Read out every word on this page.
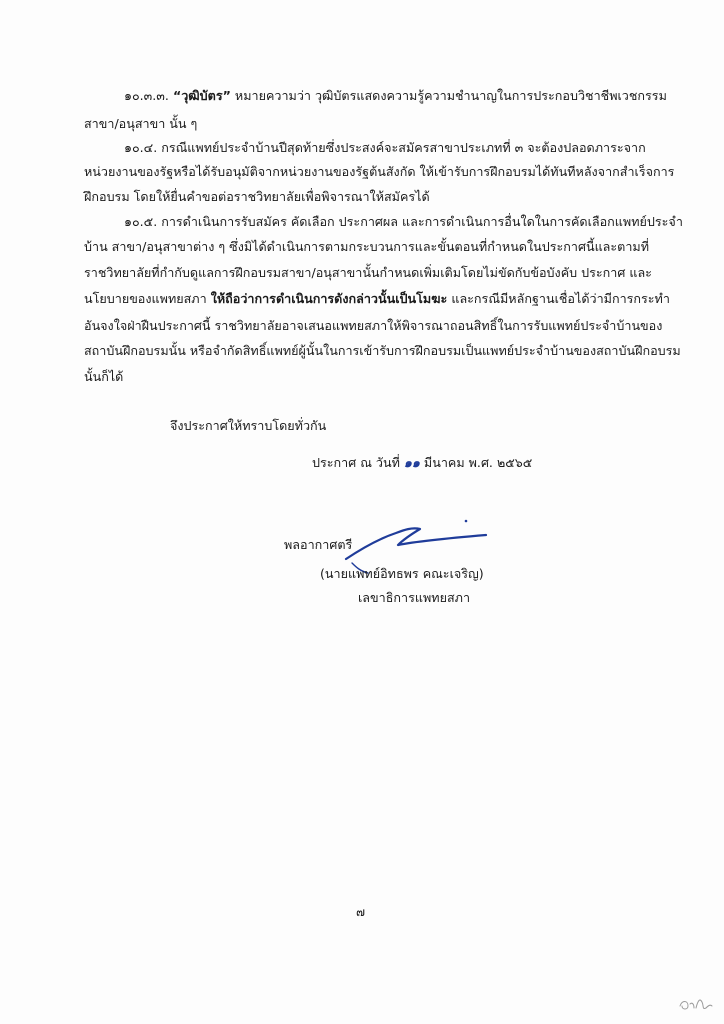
๑๐.๓.๓. “วุฒิบัตร” หมายความว่า วุฒิบัตรแสดงความรู้ความชำนาญในการประกอบวิชาชีพเวชกรรม

สาขา/อนุสาขา นั้น ๆ

๑๐.๔. กรณีแพทย์ประจำบ้านปีสุดท้ายซึ่งประสงค์จะสมัครสาขาประเภทที่ ๓ จะต้องปลอดภาระจาก

หน่วยงานของรัฐหรือได้รับอนุมัติจากหน่วยงานของรัฐต้นสังกัด ให้เข้ารับการฝึกอบรมได้ทันทีหลังจากสำเร็จการ

ฝึกอบรม โดยให้ยื่นคำขอต่อราชวิทยาลัยเพื่อพิจารณาให้สมัครได้

๑๐.๕. การดำเนินการรับสมัคร คัดเลือก ประกาศผล และการดำเนินการอื่นใดในการคัดเลือกแพทย์ประจำ

บ้าน สาขา/อนุสาขาต่าง ๆ ซึ่งมิได้ดำเนินการตามกระบวนการและขั้นตอนที่กำหนดในประกาศนี้และตามที่

ราชวิทยาลัยที่กำกับดูแลการฝึกอบรมสาขา/อนุสาขานั้นกำหนดเพิ่มเติมโดยไม่ขัดกับข้อบังคับ ประกาศ และ

นโยบายของแพทยสภา ให้ถือว่าการดำเนินการดังกล่าวนั้นเป็นโมฆะ และกรณีมีหลักฐานเชื่อได้ว่ามีการกระทำ

อันจงใจฝ่าฝืนประกาศนี้ ราชวิทยาลัยอาจเสนอแพทยสภาให้พิจารณาถอนสิทธิ์ในการรับแพทย์ประจำบ้านของ

สถาบันฝึกอบรมนั้น หรือจำกัดสิทธิ์แพทย์ผู้นั้นในการเข้ารับการฝึกอบรมเป็นแพทย์ประจำบ้านของสถาบันฝึกอบรม

นั้นก็ได้

จึงประกาศให้ทราบโดยทั่วกัน

ประกาศ ณ วันที่ ๑๑ มีนาคม พ.ศ. ๒๕๖๕

พลอากาศตรี

(นายแพทย์อิทธพร คณะเจริญ)

เลขาธิการแพทยสภา

๗
